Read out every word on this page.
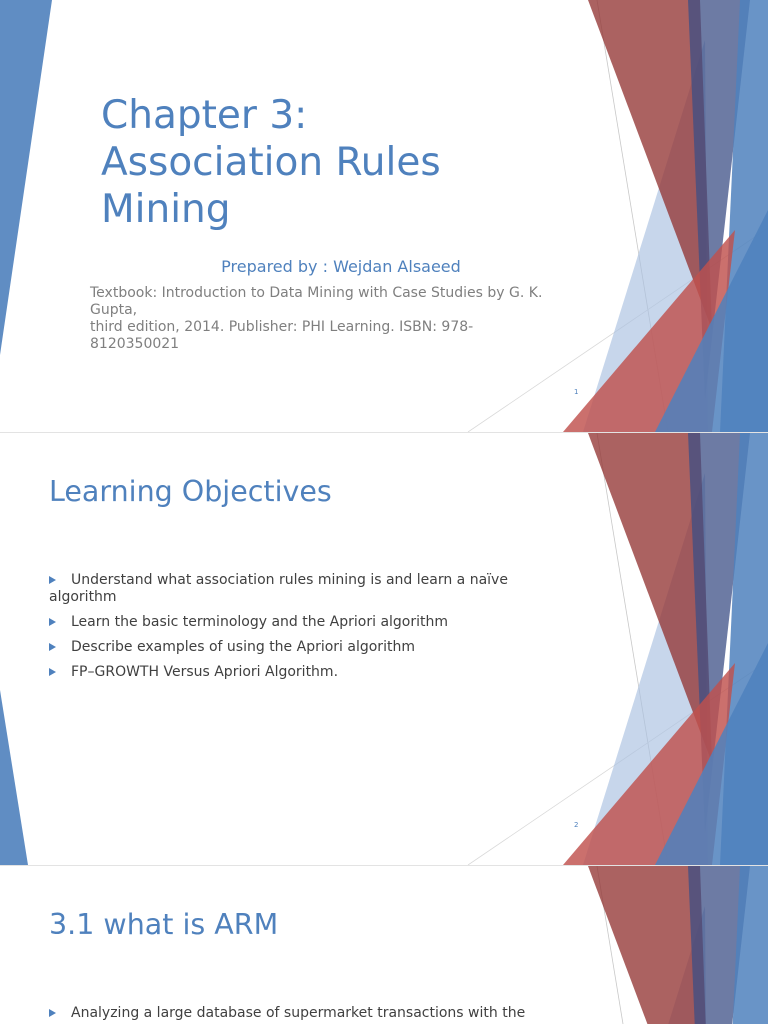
Chapter 3: Association Rules Mining
Prepared by : Wejdan Alsaeed
Textbook: Introduction to Data Mining with Case Studies by G. K.
Gupta,
third edition, 2014. Publisher: PHI Learning. ISBN: 978-
8120350021
1
Learning Objectives
Understand what association rules mining is and learn a naïve algorithm
Learn the basic terminology and the Apriori algorithm
Describe examples of using the Apriori algorithm
FP–GROWTH Versus Apriori Algorithm.
2
3.1 what is ARM
Analyzing a large database of supermarket transactions with the
